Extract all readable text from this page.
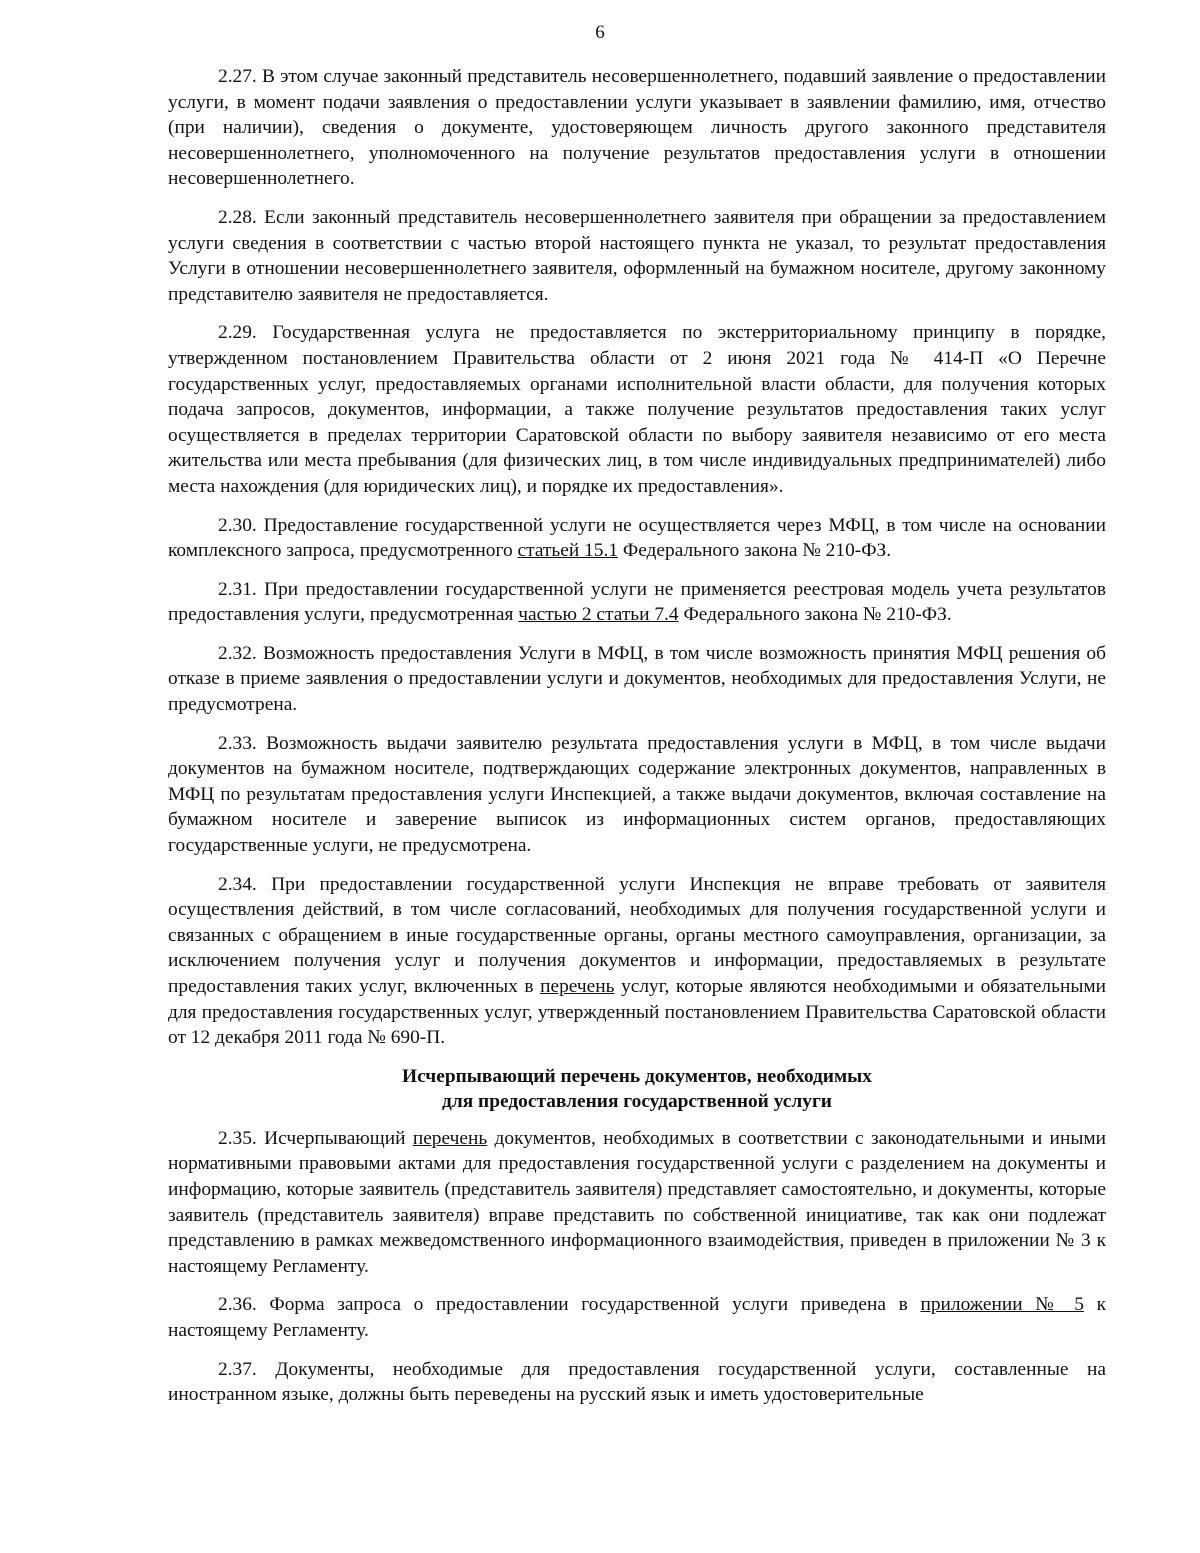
6

2.27. В этом случае законный представитель несовершеннолетнего, подавший заявление о предоставлении услуги, в момент подачи заявления о предоставлении услуги указывает в заявлении фамилию, имя, отчество (при наличии), сведения о документе, удостоверяющем личность другого законного представителя несовершеннолетнего, уполномоченного на получение результатов предоставления услуги в отношении несовершеннолетнего.

2.28. Если законный представитель несовершеннолетнего заявителя при обращении за предоставлением услуги сведения в соответствии с частью второй настоящего пункта не указал, то результат предоставления Услуги в отношении несовершеннолетнего заявителя, оформленный на бумажном носителе, другому законному представителю заявителя не предоставляется.

2.29. Государственная услуга не предоставляется по экстерриториальному принципу в порядке, утвержденном постановлением Правительства области от 2 июня 2021 года № 414-П «О Перечне государственных услуг, предоставляемых органами исполнительной власти области, для получения которых подача запросов, документов, информации, а также получение результатов предоставления таких услуг осуществляется в пределах территории Саратовской области по выбору заявителя независимо от его места жительства или места пребывания (для физических лиц, в том числе индивидуальных предпринимателей) либо места нахождения (для юридических лиц), и порядке их предоставления».

2.30. Предоставление государственной услуги не осуществляется через МФЦ, в том числе на основании комплексного запроса, предусмотренного статьей 15.1 Федерального закона № 210-ФЗ.

2.31. При предоставлении государственной услуги не применяется реестровая модель учета результатов предоставления услуги, предусмотренная частью 2 статьи 7.4 Федерального закона № 210-ФЗ.

2.32. Возможность предоставления Услуги в МФЦ, в том числе возможность принятия МФЦ решения об отказе в приеме заявления о предоставлении услуги и документов, необходимых для предоставления Услуги, не предусмотрена.

2.33. Возможность выдачи заявителю результата предоставления услуги в МФЦ, в том числе выдачи документов на бумажном носителе, подтверждающих содержание электронных документов, направленных в МФЦ по результатам предоставления услуги Инспекцией, а также выдачи документов, включая составление на бумажном носителе и заверение выписок из информационных систем органов, предоставляющих государственные услуги, не предусмотрена.

2.34. При предоставлении государственной услуги Инспекция не вправе требовать от заявителя осуществления действий, в том числе согласований, необходимых для получения государственной услуги и связанных с обращением в иные государственные органы, органы местного самоуправления, организации, за исключением получения услуг и получения документов и информации, предоставляемых в результате предоставления таких услуг, включенных в перечень услуг, которые являются необходимыми и обязательными для предоставления государственных услуг, утвержденный постановлением Правительства Саратовской области от 12 декабря 2011 года № 690-П.

Исчерпывающий перечень документов, необходимых
для предоставления государственной услуги

2.35. Исчерпывающий перечень документов, необходимых в соответствии с законодательными и иными нормативными правовыми актами для предоставления государственной услуги с разделением на документы и информацию, которые заявитель (представитель заявителя) представляет самостоятельно, и документы, которые заявитель (представитель заявителя) вправе представить по собственной инициативе, так как они подлежат представлению в рамках межведомственного информационного взаимодействия, приведен в приложении № 3 к настоящему Регламенту.

2.36. Форма запроса о предоставлении государственной услуги приведена в приложении № 5 к настоящему Регламенту.

2.37. Документы, необходимые для предоставления государственной услуги, составленные на иностранном языке, должны быть переведены на русский язык и иметь удостоверительные
